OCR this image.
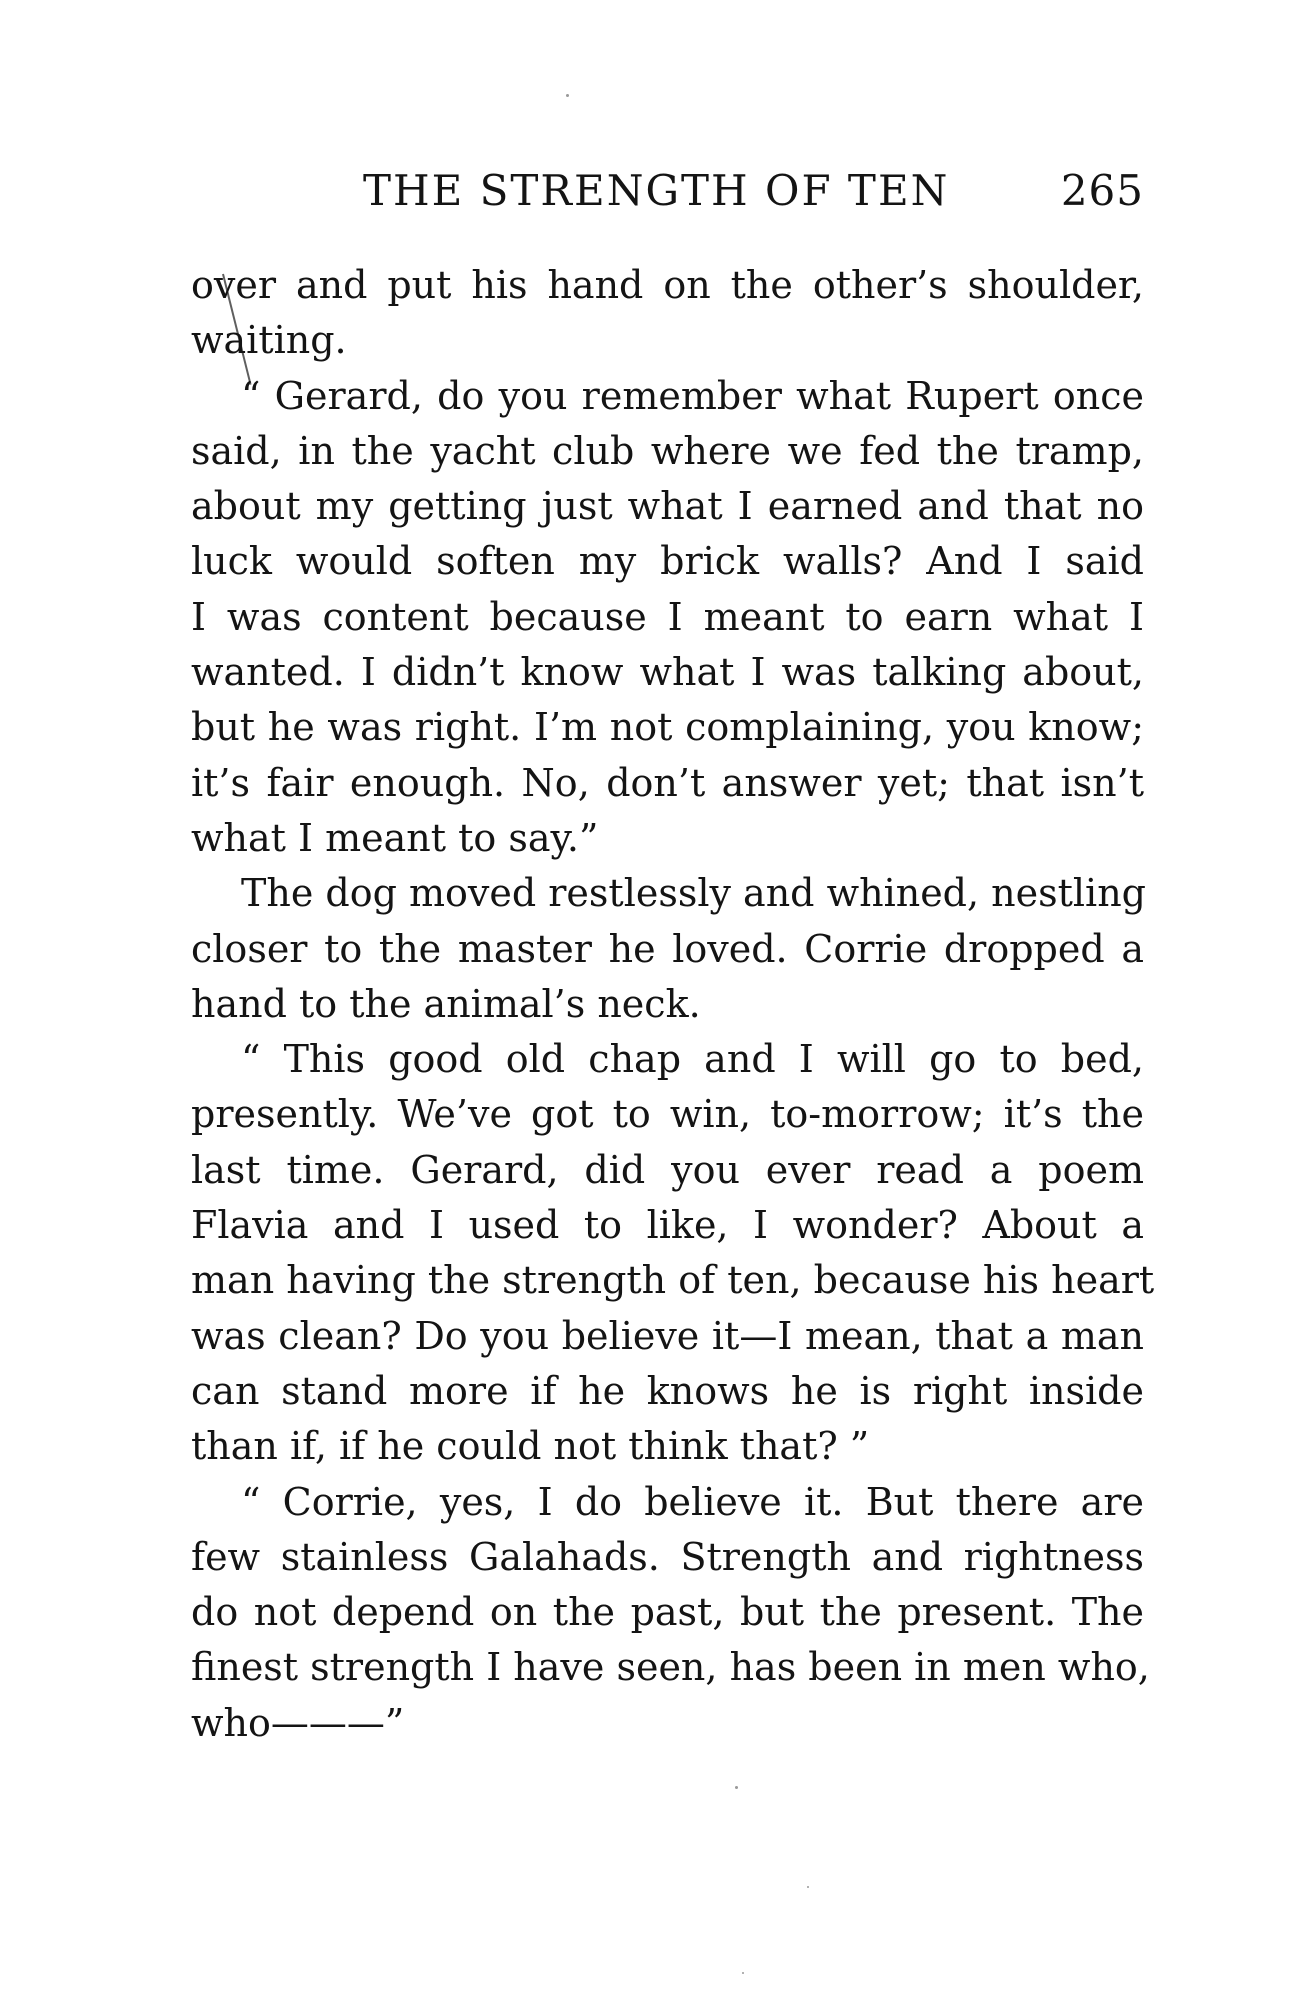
THE STRENGTH OF TEN	265
over and put his hand on the other’s shoulder,
waiting.
“ Gerard, do you remember what Rupert once
said, in the yacht club where we fed the tramp,
about my getting just what I earned and that no
luck would soften my brick walls? And I said
I was content because I meant to earn what I
wanted. I didn’t know what I was talking about,
but he was right. I’m not complaining, you know;
it’s fair enough. No, don’t answer yet; that isn’t
what I meant to say.”
The dog moved restlessly and whined, nestling
closer to the master he loved. Corrie dropped a
hand to the animal’s neck.
“ This good old chap and I will go to bed,
presently. We’ve got to win, to-morrow; it’s the
last time. Gerard, did you ever read a poem
Flavia and I used to like, I wonder? About a
man having the strength of ten, because his heart
was clean? Do you believe it—I mean, that a man
can stand more if he knows he is right inside
than if, if he could not think that? ”
“ Corrie, yes, I do believe it. But there are
few stainless Galahads. Strength and rightness
do not depend on the past, but the present. The
finest strength I have seen, has been in men who,
who———”
